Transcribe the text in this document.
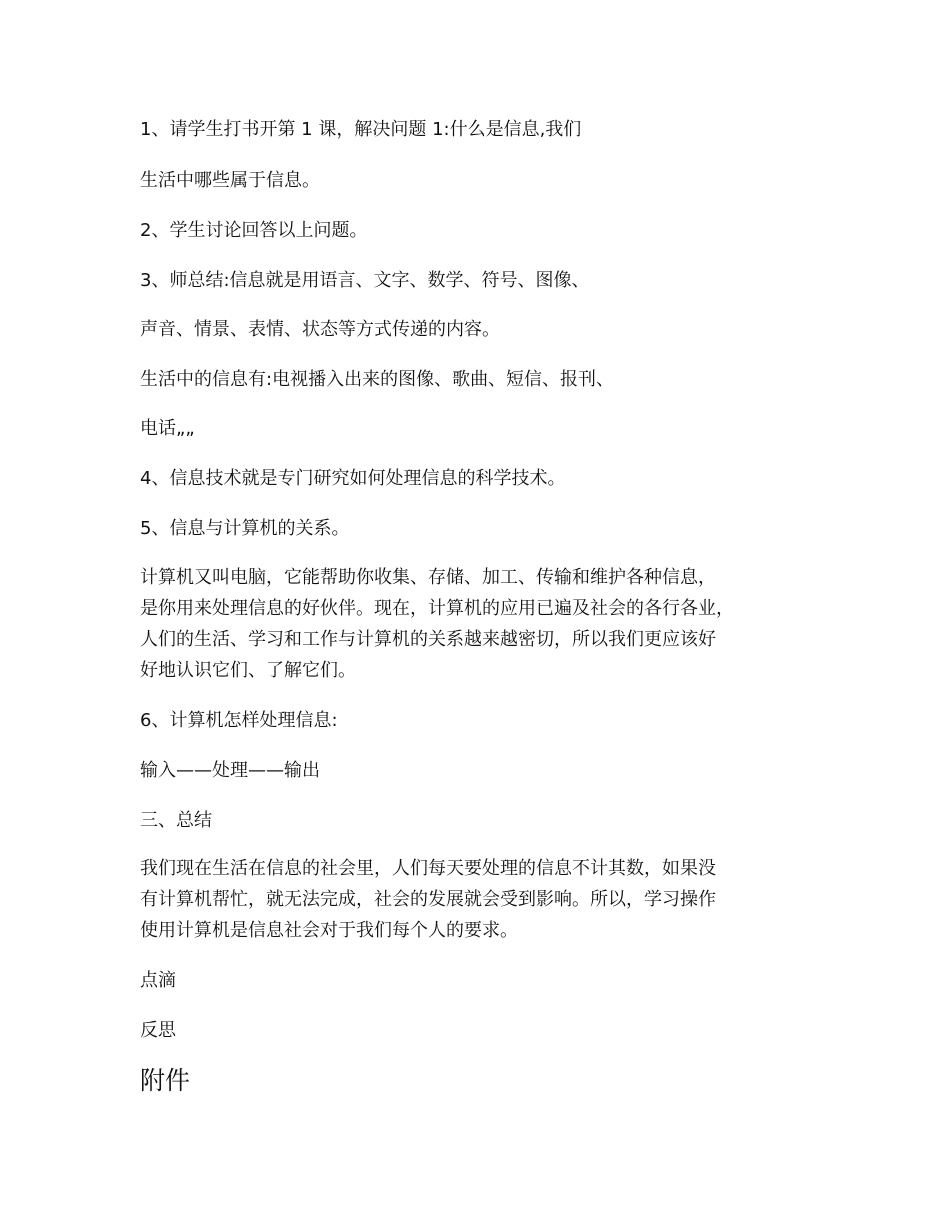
1、请学生打书开第 1 课，解决问题 1:什么是信息,我们
生活中哪些属于信息。
2、学生讨论回答以上问题。
3、师总结:信息就是用语言、文字、数学、符号、图像、
声音、情景、表情、状态等方式传递的内容。
生活中的信息有:电视播入出来的图像、歌曲、短信、报刊、
电话„„
4、信息技术就是专门研究如何处理信息的科学技术。
5、信息与计算机的关系。
计算机又叫电脑，它能帮助你收集、存储、加工、传输和维护各种信息，
是你用来处理信息的好伙伴。现在，计算机的应用已遍及社会的各行各业，
人们的生活、学习和工作与计算机的关系越来越密切，所以我们更应该好
好地认识它们、了解它们。
6、计算机怎样处理信息:
输入——处理——输出
三、总结
我们现在生活在信息的社会里，人们每天要处理的信息不计其数，如果没
有计算机帮忙，就无法完成，社会的发展就会受到影响。所以，学习操作
使用计算机是信息社会对于我们每个人的要求。
点滴
反思
附件
